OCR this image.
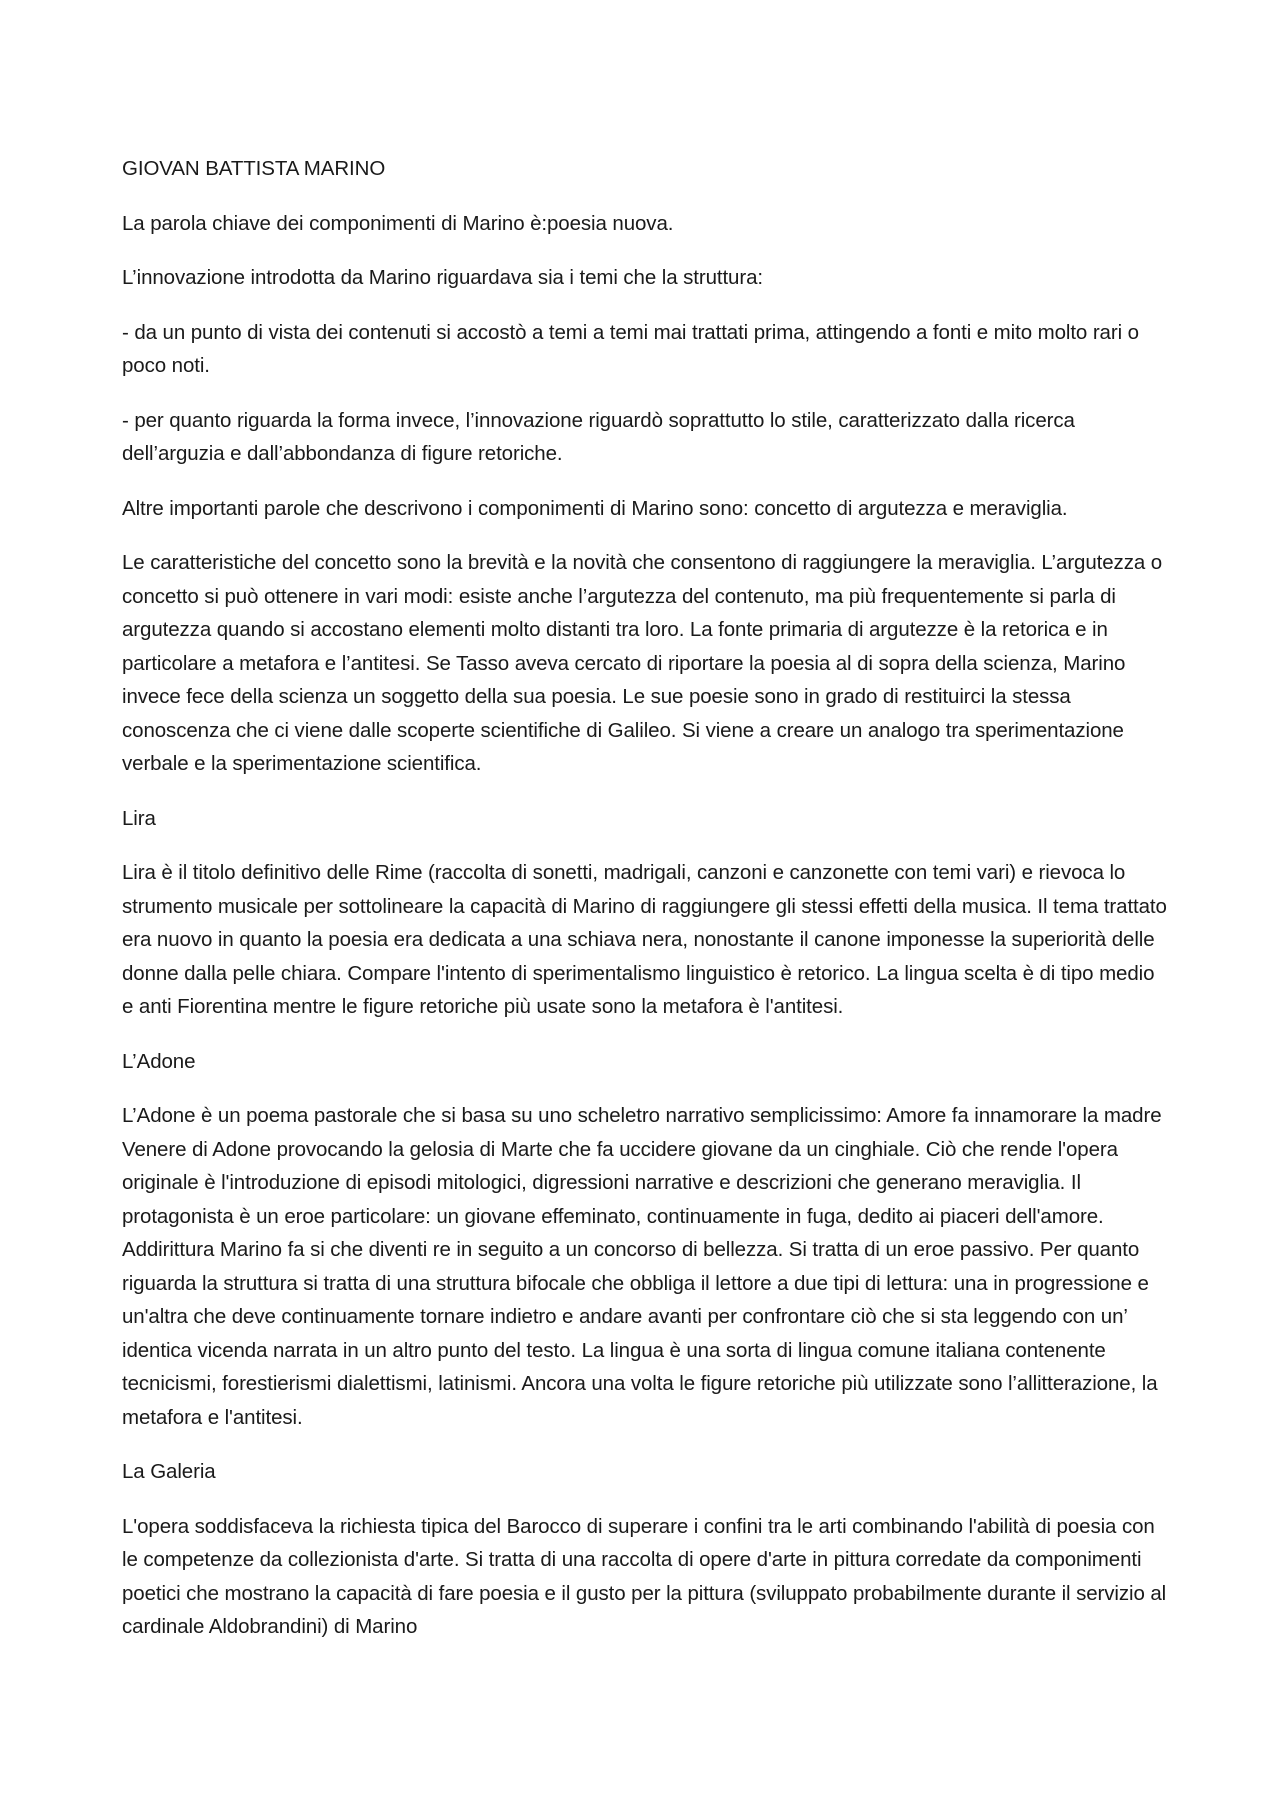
GIOVAN BATTISTA MARINO

La parola chiave dei componimenti di Marino è:poesia nuova.

L’innovazione introdotta da Marino riguardava sia i temi che la struttura:

- da un punto di vista dei contenuti si accostò a temi a temi mai trattati prima, attingendo a fonti e mito molto rari o poco noti.

- per quanto riguarda la forma invece, l’innovazione riguardò soprattutto lo stile, caratterizzato dalla ricerca dell’arguzia e dall’abbondanza di figure retoriche.

Altre importanti parole che descrivono i componimenti di Marino sono: concetto di argutezza e meraviglia.

Le caratteristiche del concetto sono la brevità e la novità che consentono di raggiungere la meraviglia. L’argutezza o concetto si può ottenere in vari modi: esiste anche l’argutezza del contenuto, ma più frequentemente si parla di argutezza quando si accostano elementi molto distanti tra loro. La fonte primaria di argutezze è la retorica e in particolare a metafora e l’antitesi. Se Tasso aveva cercato di riportare la poesia al di sopra della scienza, Marino invece fece della scienza un soggetto della sua poesia. Le sue poesie sono in grado di restituirci la stessa conoscenza che ci viene dalle scoperte scientifiche di Galileo. Si viene a creare un analogo tra sperimentazione verbale e la sperimentazione scientifica.

Lira

Lira è il titolo definitivo delle Rime (raccolta di sonetti, madrigali, canzoni e canzonette con temi vari) e rievoca lo strumento musicale per sottolineare la capacità di Marino di raggiungere gli stessi effetti della musica. Il tema trattato era nuovo in quanto la poesia era dedicata a una schiava nera, nonostante il canone imponesse la superiorità delle donne dalla pelle chiara. Compare l'intento di sperimentalismo linguistico è retorico. La lingua scelta è di tipo medio e anti Fiorentina mentre le figure retoriche più usate sono la metafora è l'antitesi.

L’Adone

L’Adone è un poema pastorale che si basa su uno scheletro narrativo semplicissimo: Amore fa innamorare la madre Venere di Adone provocando la gelosia di Marte che fa uccidere giovane da un cinghiale. Ciò che rende l'opera originale è l'introduzione di episodi mitologici, digressioni narrative e descrizioni che generano meraviglia. Il protagonista è un eroe particolare: un giovane effeminato, continuamente in fuga, dedito ai piaceri dell'amore. Addirittura Marino fa si che diventi re in seguito a un concorso di bellezza. Si tratta di un eroe passivo. Per quanto riguarda la struttura si tratta di una struttura bifocale che obbliga il lettore a due tipi di lettura: una in progressione e un'altra che deve continuamente tornare indietro e andare avanti per confrontare ciò che si sta leggendo con un’ identica vicenda narrata in un altro punto del testo. La lingua è una sorta di lingua comune italiana contenente tecnicismi, forestierismi dialettismi, latinismi. Ancora una volta le figure retoriche più utilizzate sono l’allitterazione, la metafora e l'antitesi.

La Galeria

L'opera soddisfaceva la richiesta tipica del Barocco di superare i confini tra le arti combinando l'abilità di poesia con le competenze da collezionista d'arte. Si tratta di una raccolta di opere d'arte in pittura corredate da componimenti poetici che mostrano la capacità di fare poesia e il gusto per la pittura (sviluppato probabilmente durante il servizio al cardinale Aldobrandini) di Marino
